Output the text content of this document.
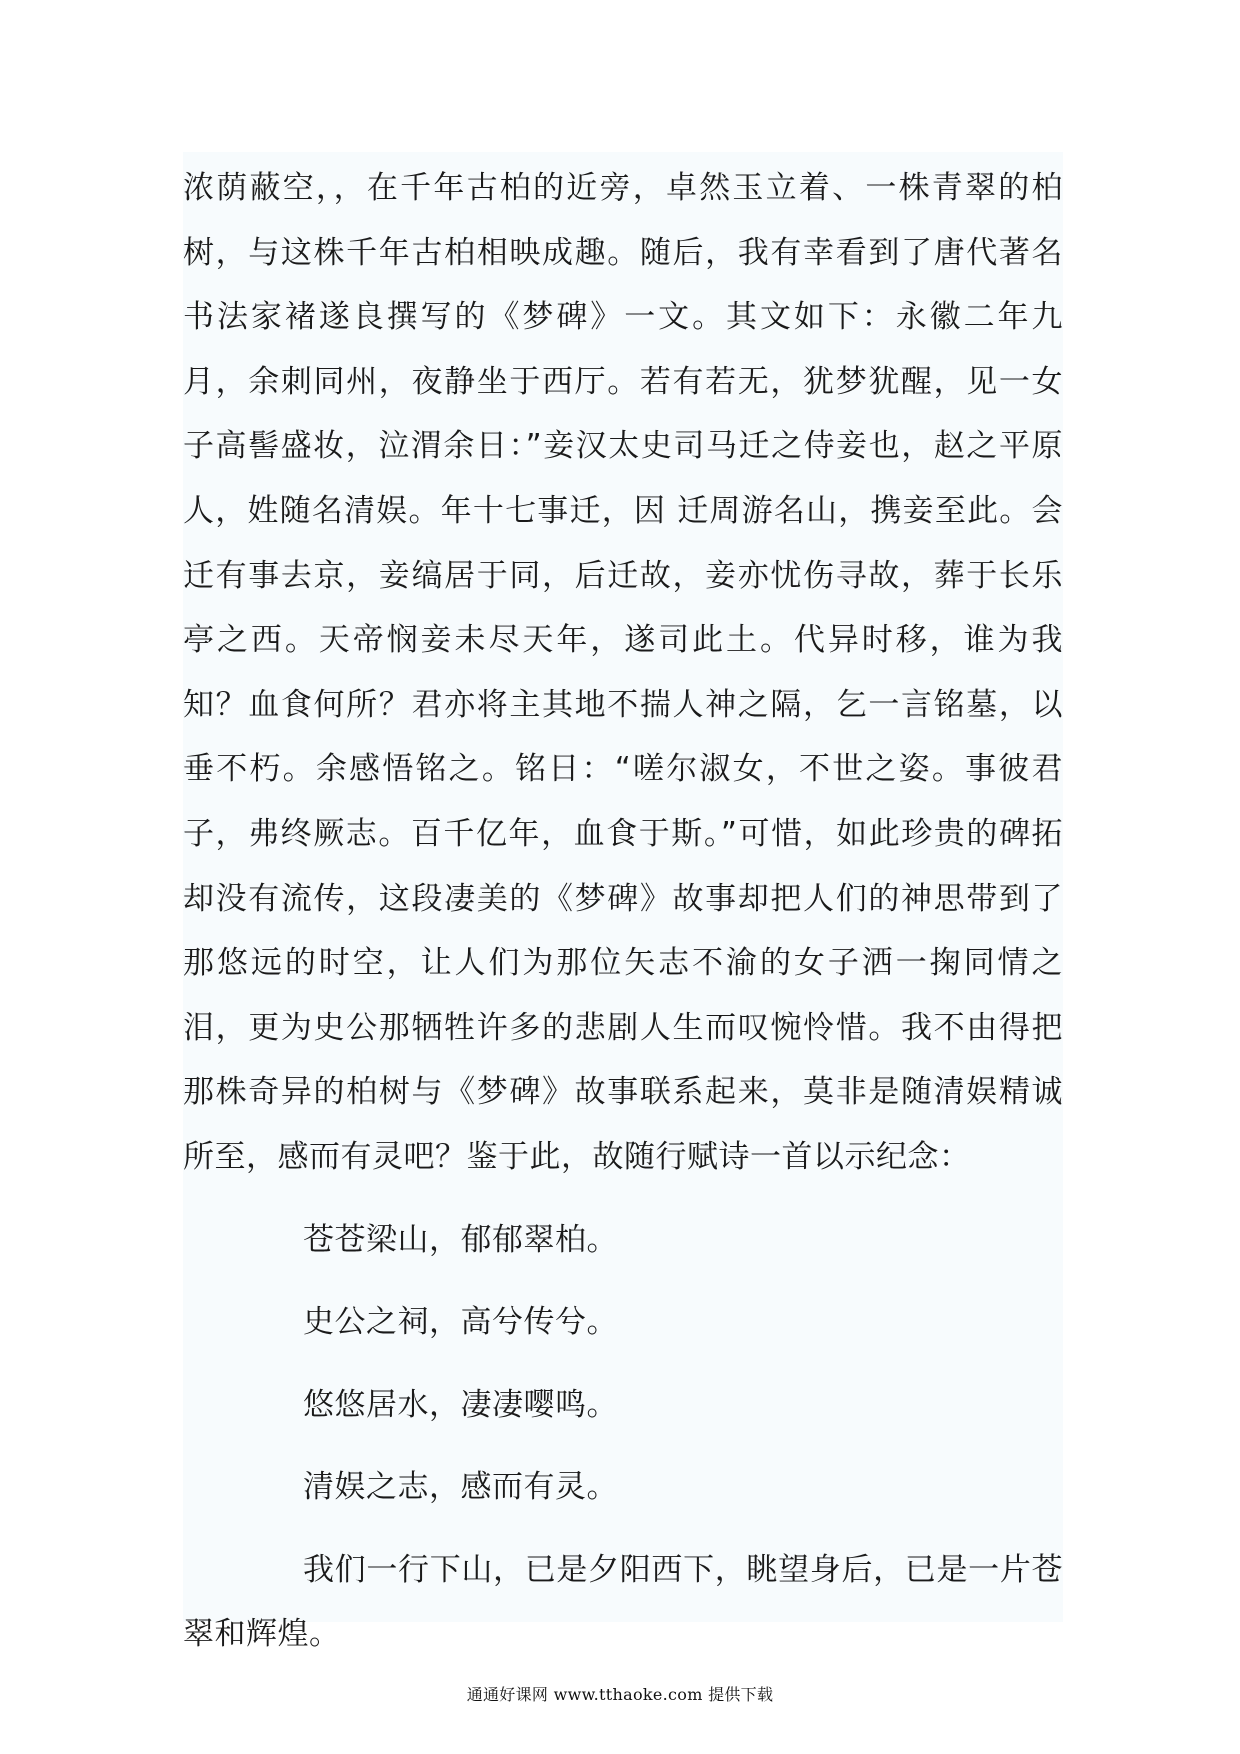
浓荫蔽空，，在千年古柏的近旁，卓然玉立着、一株青翠的柏树，与这株千年古柏相映成趣。随后，我有幸看到了唐代著名书法家褚遂良撰写的《梦碑》一文。其文如下：永徽二年九月，余刺同州，夜静坐于西厅。若有若无，犹梦犹醒，见一女子高髻盛妆，泣渭余日：”妾汉太史司马迁之侍妾也，赵之平原人，姓随名清娱。年十七事迁，因 迁周游名山，携妾至此。会迁有事去京，妾缟居于同，后迁故，妾亦忧伤寻故，葬于长乐亭之西。天帝悯妾未尽天年，遂司此土。代异时移，谁为我知？血食何所？君亦将主其地不揣人神之隔，乞一言铭墓，以垂不朽。余感悟铭之。铭日：“嗟尔淑女，不世之姿。事彼君子，弗终厥志。百千亿年，血食于斯。”可惜，如此珍贵的碑拓却没有流传，这段凄美的《梦碑》故事却把人们的神思带到了那悠远的时空，让人们为那位矢志不渝的女子洒一掬同情之泪，更为史公那牺牲许多的悲剧人生而叹惋怜惜。我不由得把那株奇异的柏树与《梦碑》故事联系起来，莫非是随清娱精诚所至，感而有灵吧？鉴于此，故随行赋诗一首以示纪念：

苍苍梁山，郁郁翠柏。
史公之祠，高兮传兮。
悠悠居水，凄凄嘤鸣。
清娱之志，感而有灵。

我们一行下山，已是夕阳西下，眺望身后，已是一片苍翠和辉煌。

通通好课网 www.tthaoke.com 提供下载
